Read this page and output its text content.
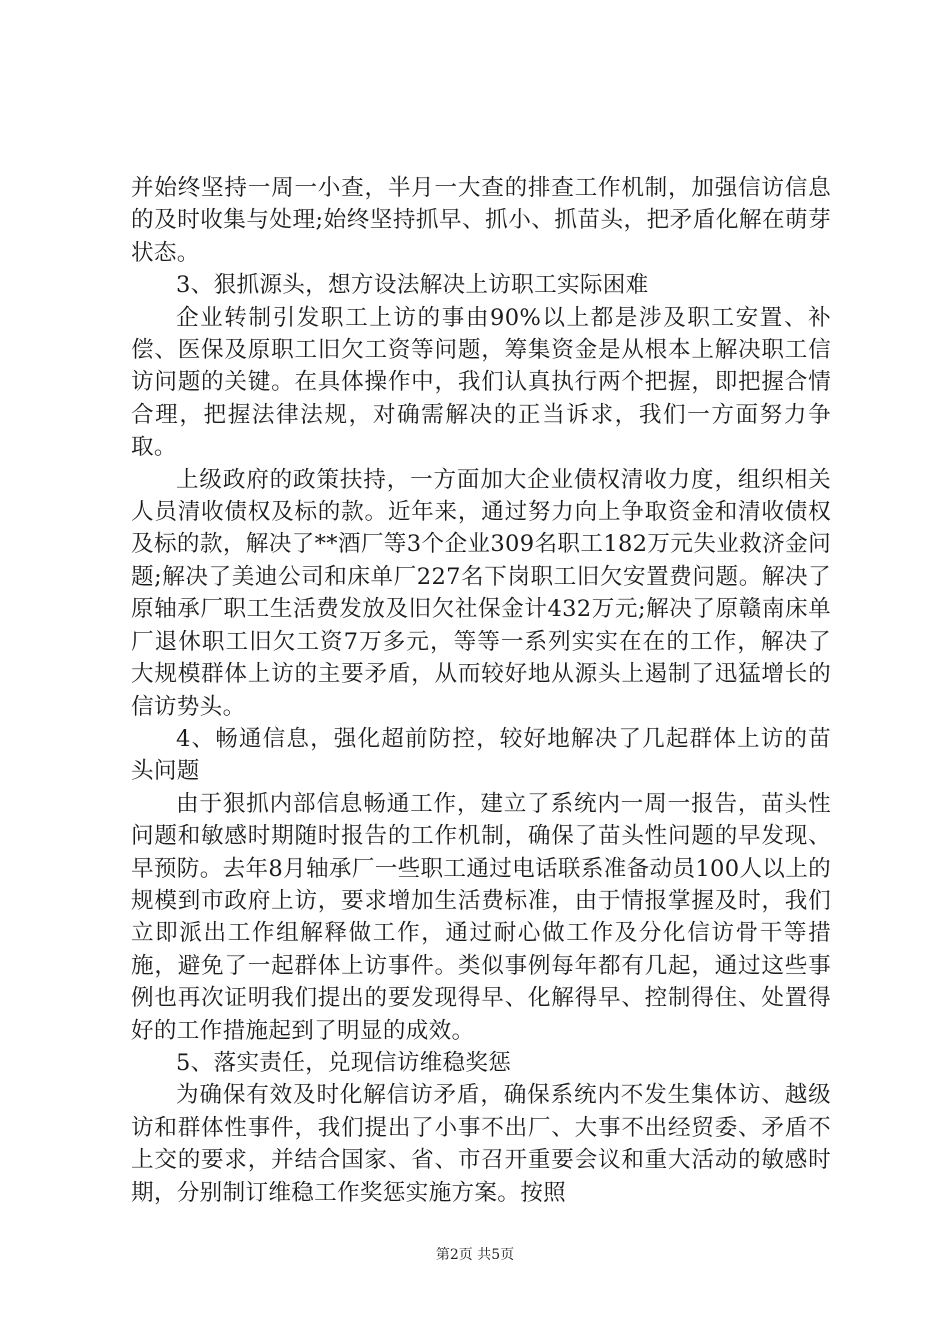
并始终坚持一周一小查，半月一大查的排查工作机制，加强信访信息的及时收集与处理;始终坚持抓早、抓小、抓苗头，把矛盾化解在萌芽状态。

3、狠抓源头，想方设法解决上访职工实际困难

企业转制引发职工上访的事由90%以上都是涉及职工安置、补偿、医保及原职工旧欠工资等问题，筹集资金是从根本上解决职工信访问题的关键。在具体操作中，我们认真执行两个把握，即把握合情合理，把握法律法规，对确需解决的正当诉求，我们一方面努力争取。

上级政府的政策扶持，一方面加大企业债权清收力度，组织相关人员清收债权及标的款。近年来，通过努力向上争取资金和清收债权及标的款，解决了**酒厂等3个企业309名职工182万元失业救济金问题;解决了美迪公司和床单厂227名下岗职工旧欠安置费问题。解决了原轴承厂职工生活费发放及旧欠社保金计432万元;解决了原赣南床单厂退休职工旧欠工资7万多元，等等一系列实实在在的工作，解决了大规模群体上访的主要矛盾，从而较好地从源头上遏制了迅猛增长的信访势头。

4、畅通信息，强化超前防控，较好地解决了几起群体上访的苗头问题

由于狠抓内部信息畅通工作，建立了系统内一周一报告，苗头性问题和敏感时期随时报告的工作机制，确保了苗头性问题的早发现、早预防。去年8月轴承厂一些职工通过电话联系准备动员100人以上的规模到市政府上访，要求增加生活费标准，由于情报掌握及时，我们立即派出工作组解释做工作，通过耐心做工作及分化信访骨干等措施，避免了一起群体上访事件。类似事例每年都有几起，通过这些事例也再次证明我们提出的要发现得早、化解得早、控制得住、处置得好的工作措施起到了明显的成效。

5、落实责任，兑现信访维稳奖惩

为确保有效及时化解信访矛盾，确保系统内不发生集体访、越级访和群体性事件，我们提出了小事不出厂、大事不出经贸委、矛盾不上交的要求，并结合国家、省、市召开重要会议和重大活动的敏感时期，分别制订维稳工作奖惩实施方案。按照

第2页 共5页
